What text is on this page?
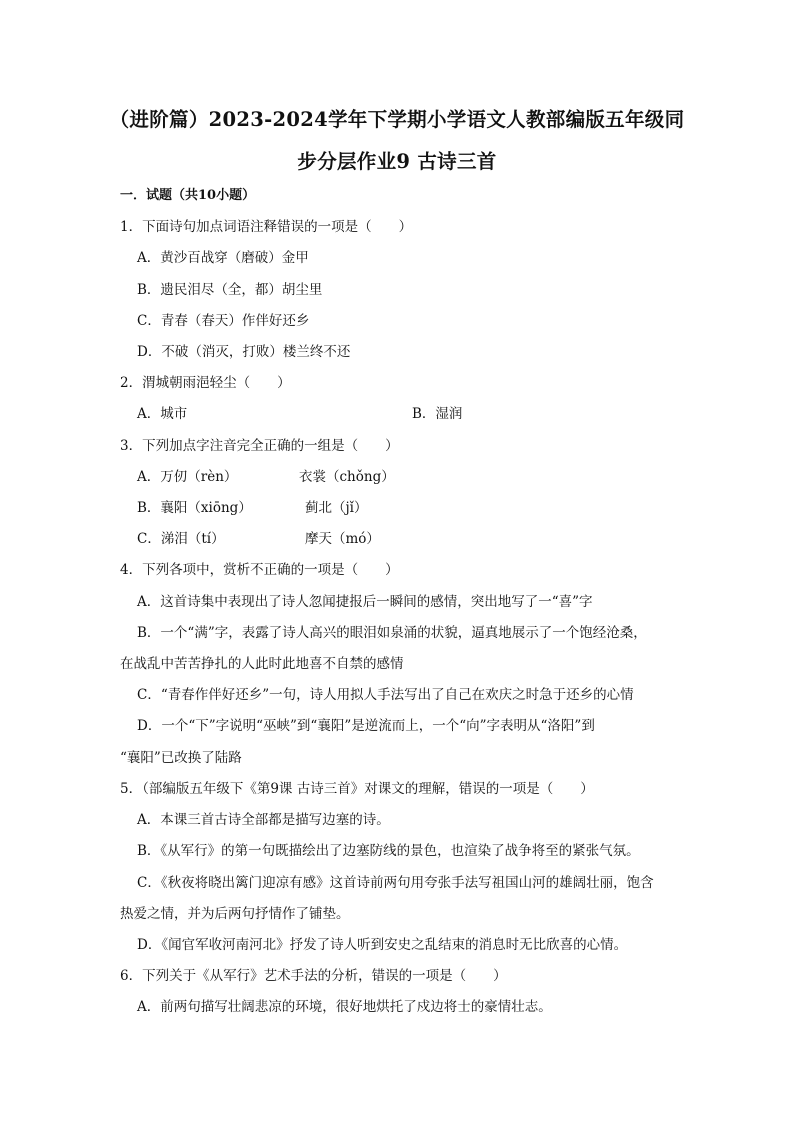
（进阶篇）2023-2024学年下学期小学语文人教部编版五年级同
步分层作业9 古诗三首
一．试题（共10小题）
1．下面诗句加点词语注释错误的一项是（　　）
A．黄沙百战穿（磨破）金甲
B．遗民泪尽（全，都）胡尘里
C．青春（春天）作伴好还乡
D．不破（消灭，打败）楼兰终不还
2．渭城朝雨浥轻尘（　　）
A．城市	B．湿润
3．下列加点字注音完全正确的一组是（　　）
A．万仞（rèn）	衣裳（chǒng）
B．襄阳（xiōng）	蓟北（jǐ）
C．涕泪（tí）	摩天（mó）
4．下列各项中，赏析不正确的一项是（　　）
A．这首诗集中表现出了诗人忽闻捷报后一瞬间的感情，突出地写了一“喜”字
B．一个“满”字，表露了诗人高兴的眼泪如泉涌的状貌，逼真地展示了一个饱经沧桑，
在战乱中苦苦挣扎的人此时此地喜不自禁的感情
C．“青春作伴好还乡”一句，诗人用拟人手法写出了自己在欢庆之时急于还乡的心情
D．一个“下”字说明“巫峡”到“襄阳”是逆流而上，一个“向”字表明从“洛阳”到
“襄阳”已改换了陆路
5．（部编版五年级下《第9课 古诗三首》对课文的理解，错误的一项是（　　）
A．本课三首古诗全部都是描写边塞的诗。
B．《从军行》的第一句既描绘出了边塞防线的景色，也渲染了战争将至的紧张气氛。
C．《秋夜将晓出篱门迎凉有感》这首诗前两句用夸张手法写祖国山河的雄阔壮丽，饱含
热爱之情，并为后两句抒情作了铺垫。
D．《闻官军收河南河北》抒发了诗人听到安史之乱结束的消息时无比欣喜的心情。
6．下列关于《从军行》艺术手法的分析，错误的一项是（　　）
A．前两句描写壮阔悲凉的环境，很好地烘托了戍边将士的豪情壮志。
